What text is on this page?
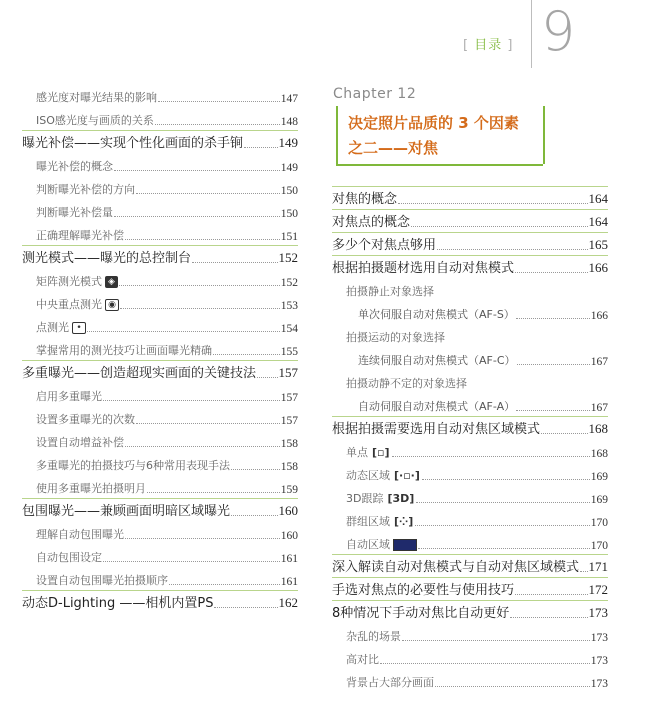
[ 目录 ] 9
感光度对曝光结果的影响	147
ISO感光度与画质的关系	148
曝光补偿——实现个性化画面的杀手锏	149
曝光补偿的概念	149
判断曝光补偿的方向	150
判断曝光补偿量	150
正确理解曝光补偿	151
测光模式——曝光的总控制台	152
矩阵测光模式 ◈	152
中央重点测光 ◉	153
点测光 •	154
掌握常用的测光技巧让画面曝光精确	155
多重曝光——创造超现实画面的关键技法 157
启用多重曝光	157
设置多重曝光的次数	157
设置自动增益补偿	158
多重曝光的拍摄技巧与6种常用表现手法	158
使用多重曝光拍摄明月	159
包围曝光——兼顾画面明暗区域曝光	160
理解自动包围曝光	160
自动包围设定	161
设置自动包围曝光拍摄顺序	161
动态D-Lighting ——相机内置PS	162
Chapter 12
决定照片品质的 3 个因素
之二——对焦
对焦的概念	164
对焦点的概念	164
多少个对焦点够用	165
根据拍摄题材选用自动对焦模式	166
拍摄静止对象选择
单次伺服自动对焦模式（AF-S）	166
拍摄运动的对象选择
连续伺服自动对焦模式（AF-C）	167
拍摄动静不定的对象选择
自动伺服自动对焦模式（AF-A）	167
根据拍摄需要选用自动对焦区域模式	168
单点 [▫]	168
动态区域 [·▫·]	169
3D跟踪 [3D]	169
群组区域 [⁘]	170
自动区域	170
深入解读自动对焦模式与自动对焦区域模式 171
手选对焦点的必要性与使用技巧	172
8种情况下手动对焦比自动更好	173
杂乱的场景	173
高对比	173
背景占大部分画面	173
